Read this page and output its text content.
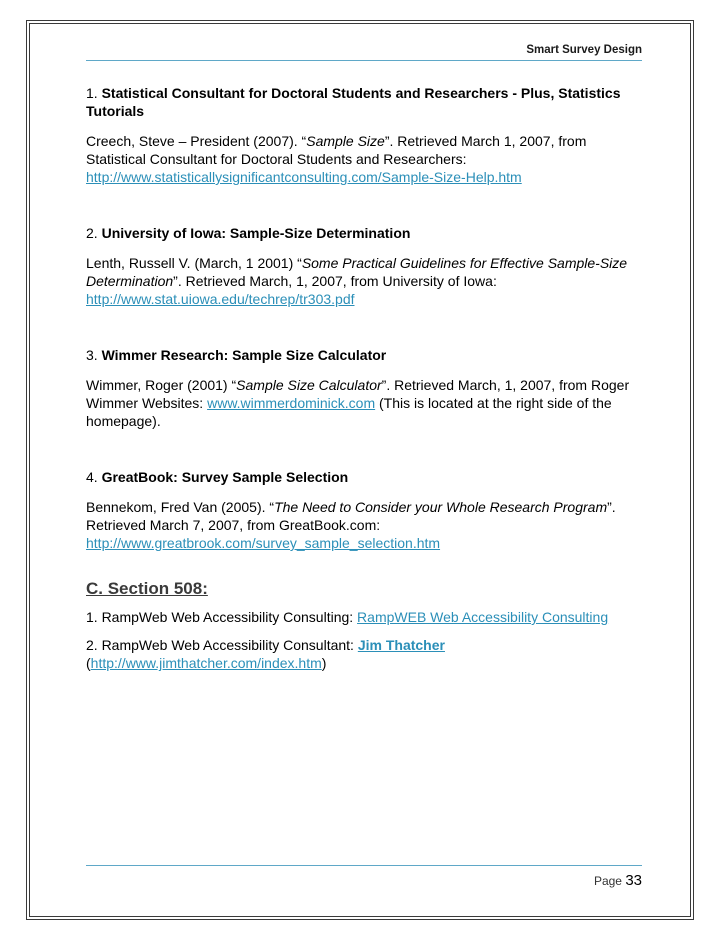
Smart Survey Design

1. Statistical Consultant for Doctoral Students and Researchers - Plus, Statistics Tutorials

Creech, Steve – President (2007). “Sample Size”. Retrieved March 1, 2007, from Statistical Consultant for Doctoral Students and Researchers:
http://www.statisticallysignificantconsulting.com/Sample-Size-Help.htm

2. University of Iowa: Sample-Size Determination

Lenth, Russell V. (March, 1 2001) “Some Practical Guidelines for Effective Sample-Size Determination”. Retrieved March, 1, 2007, from University of Iowa:
http://www.stat.uiowa.edu/techrep/tr303.pdf

3. Wimmer Research: Sample Size Calculator

Wimmer, Roger (2001) “Sample Size Calculator”. Retrieved March, 1, 2007, from Roger Wimmer Websites: www.wimmerdominick.com (This is located at the right side of the homepage).

4. GreatBook: Survey Sample Selection

Bennekom, Fred Van (2005). “The Need to Consider your Whole Research Program”. Retrieved March 7, 2007, from GreatBook.com:
http://www.greatbrook.com/survey_sample_selection.htm

C. Section 508:

1. RampWeb Web Accessibility Consulting: RampWEB Web Accessibility Consulting

2. RampWeb Web Accessibility Consultant: Jim Thatcher
(http://www.jimthatcher.com/index.htm)

Page 33
